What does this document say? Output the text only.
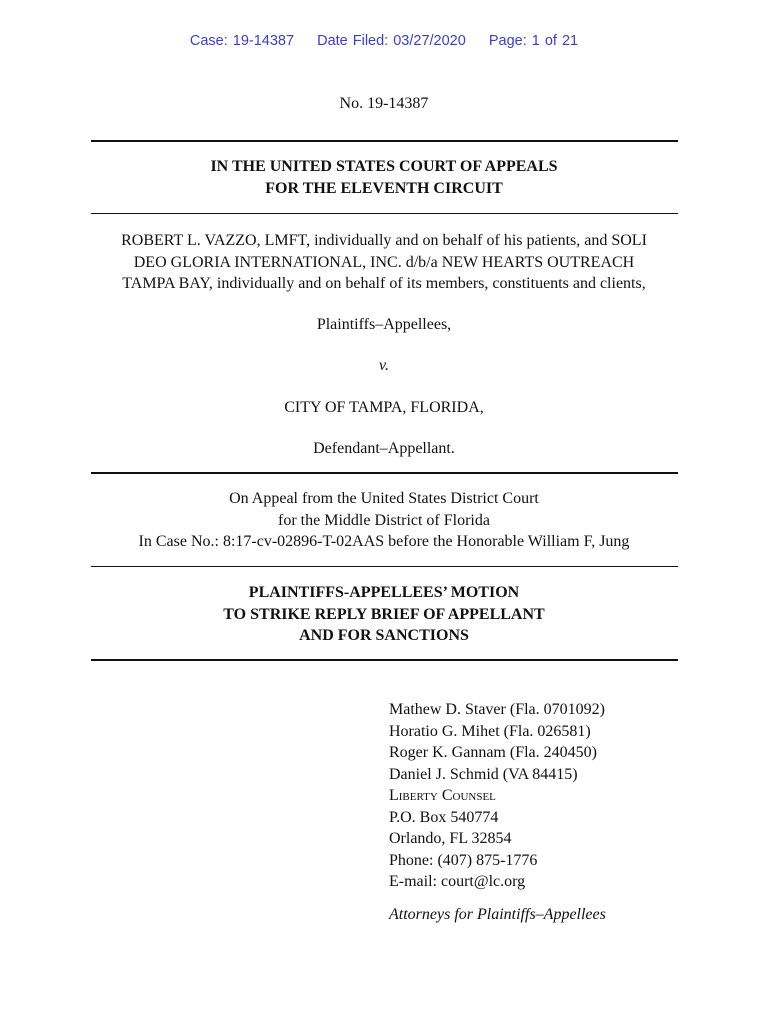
Case: 19-14387 Date Filed: 03/27/2020 Page: 1 of 21
No. 19-14387
IN THE UNITED STATES COURT OF APPEALS
FOR THE ELEVENTH CIRCUIT
ROBERT L. VAZZO, LMFT, individually and on behalf of his patients, and SOLI
DEO GLORIA INTERNATIONAL, INC. d/b/a NEW HEARTS OUTREACH
TAMPA BAY, individually and on behalf of its members, constituents and clients,
Plaintiffs–Appellees,
v.
CITY OF TAMPA, FLORIDA,
Defendant–Appellant.
On Appeal from the United States District Court
for the Middle District of Florida
In Case No.: 8:17-cv-02896-T-02AAS before the Honorable William F, Jung
PLAINTIFFS-APPELLEES’ MOTION
TO STRIKE REPLY BRIEF OF APPELLANT
AND FOR SANCTIONS
Mathew D. Staver (Fla. 0701092)
Horatio G. Mihet (Fla. 026581)
Roger K. Gannam (Fla. 240450)
Daniel J. Schmid (VA 84415)
Liberty Counsel
P.O. Box 540774
Orlando, FL 32854
Phone: (407) 875-1776
E-mail: court@lc.org
Attorneys for Plaintiffs–Appellees
